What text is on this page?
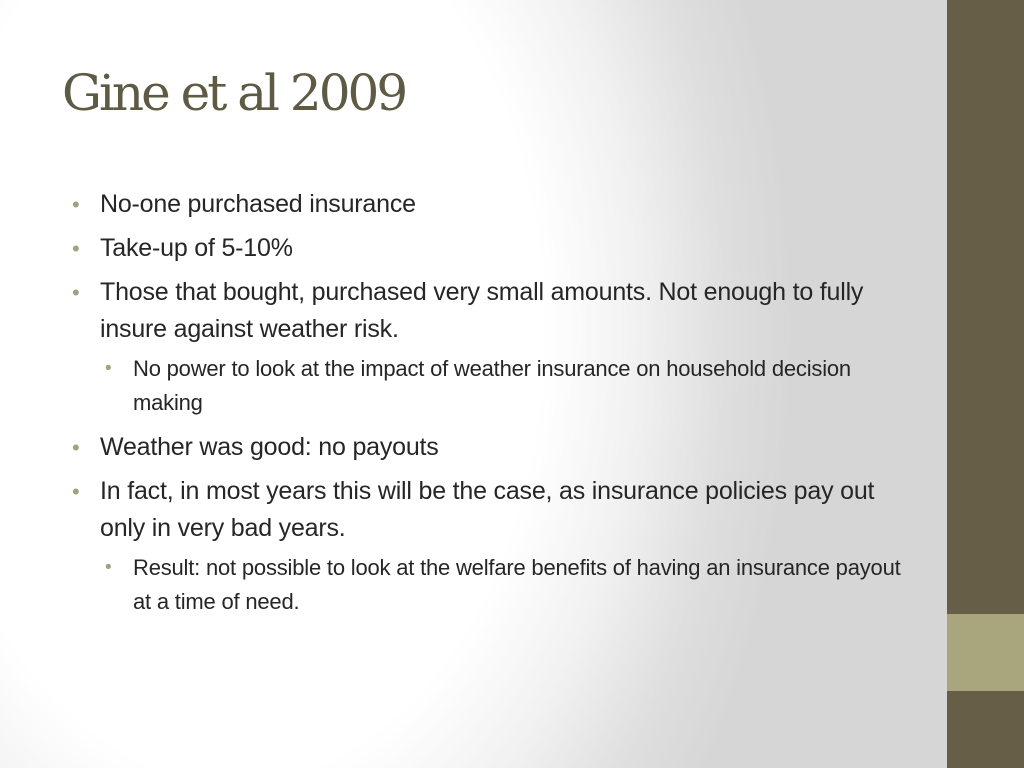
Gine et al 2009
• No-one purchased insurance
• Take-up of 5-10%
• Those that bought, purchased very small amounts. Not enough to fully insure against weather risk.
• No power to look at the impact of weather insurance on household decision making
• Weather was good: no payouts
• In fact, in most years this will be the case, as insurance policies pay out only in very bad years.
• Result: not possible to look at the welfare benefits of having an insurance payout at a time of need.
